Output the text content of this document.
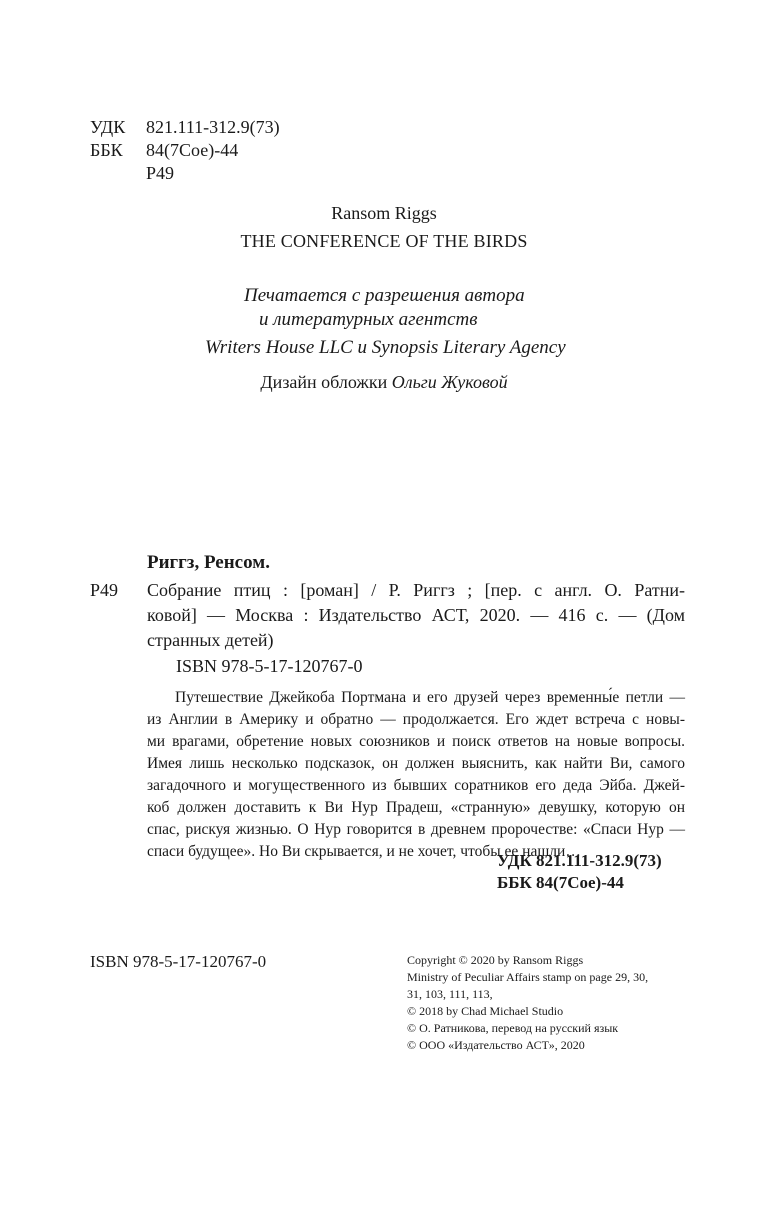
УДК	821.111-312.9(73)
ББК	84(7Сое)-44
Р49
Ransom Riggs
THE CONFERENCE OF THE BIRDS
Печатается с разрешения автора
и литературных агентств
Writers House LLC и Synopsis Literary Agency
Дизайн обложки Ольги Жуковой
Риггз, Ренсом.
Р49 Собрание птиц : [роман] / Р. Риггз ; [пер. с англ. О. Ратни-
ковой] — Москва : Издательство АСТ, 2020. — 416 с. — (Дом
странных детей)
ISBN 978-5-17-120767-0
Путешествие Джейкоба Портмана и его друзей через временны́е петли —
из Англии в Америку и обратно — продолжается. Его ждет встреча с новы-
ми врагами, обретение новых союзников и поиск ответов на новые вопросы.
Имея лишь несколько подсказок, он должен выяснить, как найти Ви, самого
загадочного и могущественного из бывших соратников его деда Эйба. Джей-
коб должен доставить к Ви Нур Прадеш, «странную» девушку, которую он
спас, рискуя жизнью. О Нур говорится в древнем пророчестве: «Спаси Нур —
спаси будущее». Но Ви скрывается, и не хочет, чтобы ее нашли…
УДК 821.111-312.9(73)
ББК 84(7Сое)-44
ISBN 978-5-17-120767-0	Copyright © 2020 by Ransom Riggs
Ministry of Peculiar Affairs stamp on page 29, 30,
31, 103, 111, 113,
© 2018 by Chad Michael Studio
© О. Ратникова, перевод на русский язык
© ООО «Издательство АСТ», 2020
